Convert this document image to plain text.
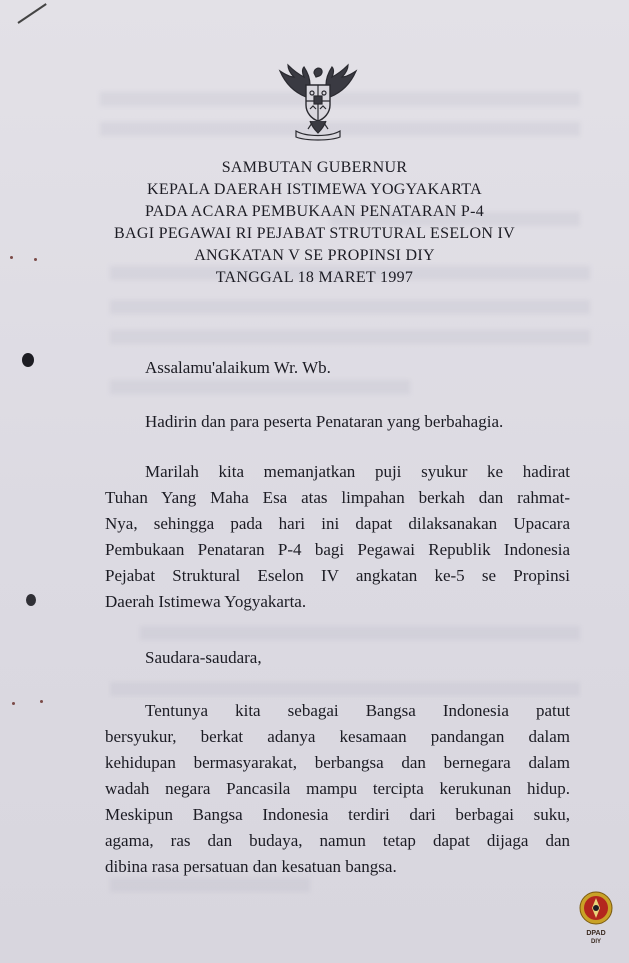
SAMBUTAN GUBERNUR
KEPALA DAERAH ISTIMEWA YOGYAKARTA
PADA ACARA PEMBUKAAN PENATARAN P-4
BAGI PEGAWAI RI PEJABAT STRUTURAL ESELON IV
ANGKATAN V SE PROPINSI DIY
TANGGAL 18 MARET 1997
Assalamu'alaikum Wr. Wb.
Hadirin dan para peserta Penataran yang berbahagia.
Marilah kita memanjatkan puji syukur ke hadirat
Tuhan Yang Maha Esa atas limpahan berkah dan rahmat-
Nya, sehingga pada hari ini dapat dilaksanakan Upacara
Pembukaan Penataran P-4 bagi Pegawai Republik Indonesia
Pejabat Struktural Eselon IV angkatan ke-5 se Propinsi
Daerah Istimewa Yogyakarta.
Saudara-saudara,
Tentunya kita sebagai Bangsa Indonesia patut
bersyukur, berkat adanya kesamaan pandangan dalam
kehidupan bermasyarakat, berbangsa dan bernegara dalam
wadah negara Pancasila mampu tercipta kerukunan hidup.
Meskipun Bangsa Indonesia terdiri dari berbagai suku,
agama, ras dan budaya, namun tetap dapat dijaga dan
dibina rasa persatuan dan kesatuan bangsa.
DPAD
DIY
